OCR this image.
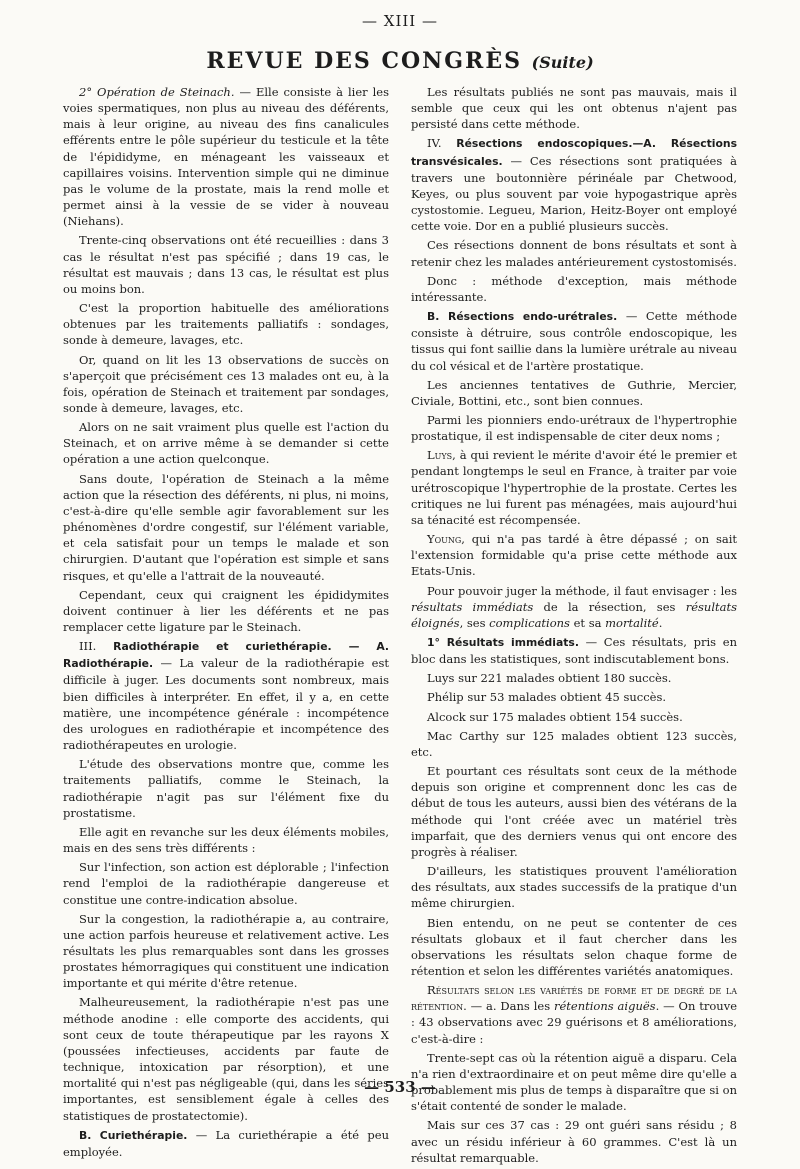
— XIII —
REVUE DES CONGRÈS (Suite)

2° Opération de Steinach. — Elle consiste à lier les voies spermatiques, non plus au niveau des déférents, mais à leur origine, au niveau des fins canalicules efférents entre le pôle supérieur du testicule et la tête de l'épididyme, en ménageant les vaisseaux et capillaires voisins. Intervention simple qui ne diminue pas le volume de la prostate, mais la rend molle et permet ainsi à la vessie de se vider à nouveau (Niehans).

Trente-cinq observations ont été recueillies : dans 3 cas le résultat n'est pas spécifié ; dans 19 cas, le résultat est mauvais ; dans 13 cas, le résultat est plus ou moins bon.

C'est la proportion habituelle des améliorations obtenues par les traitements palliatifs : sondages, sonde à demeure, lavages, etc.

Or, quand on lit les 13 observations de succès on s'aperçoit que précisément ces 13 malades ont eu, à la fois, opération de Steinach et traitement par sondages, sonde à demeure, lavages, etc.

Alors on ne sait vraiment plus quelle est l'action du Steinach, et on arrive même à se demander si cette opération a une action quelconque.

Sans doute, l'opération de Steinach a la même action que la résection des déférents, ni plus, ni moins, c'est-à-dire qu'elle semble agir favorablement sur les phénomènes d'ordre congestif, sur l'élément variable, et cela satisfait pour un temps le malade et son chirurgien. D'autant que l'opération est simple et sans risques, et qu'elle a l'attrait de la nouveauté.

Cependant, ceux qui craignent les épididymites doivent continuer à lier les déférents et ne pas remplacer cette ligature par le Steinach.

III. Radiothérapie et curiethérapie. — A. Radiothérapie. — La valeur de la radiothérapie est difficile à juger. Les documents sont nombreux, mais bien difficiles à interpréter. En effet, il y a, en cette matière, une incompétence générale : incompétence des urologues en radiothérapie et incompétence des radiothérapeutes en urologie.

L'étude des observations montre que, comme les traitements palliatifs, comme le Steinach, la radiothérapie n'agit pas sur l'élément fixe du prostatisme.

Elle agit en revanche sur les deux éléments mobiles, mais en des sens très différents :

Sur l'infection, son action est déplorable ; l'infection rend l'emploi de la radiothérapie dangereuse et constitue une contre-indication absolue.

Sur la congestion, la radiothérapie a, au contraire, une action parfois heureuse et relativement active. Les résultats les plus remarquables sont dans les grosses prostates hémorragiques qui constituent une indication importante et qui mérite d'être retenue.

Malheureusement, la radiothérapie n'est pas une méthode anodine : elle comporte des accidents, qui sont ceux de toute thérapeutique par les rayons X (poussées infectieuses, accidents par faute de technique, intoxication par résorption), et une mortalité qui n'est pas négligeable (qui, dans les séries importantes, est sensiblement égale à celles des statistiques de prostatectomie).

B. Curiethérapie. — La curiethérapie a été peu employée.

Les résultats publiés ne sont pas mauvais, mais il semble que ceux qui les ont obtenus n'ajent pas persisté dans cette méthode.

IV. Résections endoscopiques.—A. Résections transvésicales. — Ces résections sont pratiquées à travers une boutonnière périnéale par Chetwood, Keyes, ou plus souvent par voie hypogastrique après cystostomie. Legueu, Marion, Heitz-Boyer ont employé cette voie. Dor en a publié plusieurs succès.

Ces résections donnent de bons résultats et sont à retenir chez les malades antérieurement cystostomisés.

Donc : méthode d'exception, mais méthode intéressante.

B. Résections endo-urétrales. — Cette méthode consiste à détruire, sous contrôle endoscopique, les tissus qui font saillie dans la lumière urétrale au niveau du col vésical et de l'artère prostatique.

Les anciennes tentatives de Guthrie, Mercier, Civiale, Bottini, etc., sont bien connues.

Parmi les pionniers endo-urétraux de l'hypertrophie prostatique, il est indispensable de citer deux noms ;

Luys, à qui revient le mérite d'avoir été le premier et pendant longtemps le seul en France, à traiter par voie urétroscopique l'hypertrophie de la prostate. Certes les critiques ne lui furent pas ménagées, mais aujourd'hui sa ténacité est récompensée.

Young, qui n'a pas tardé à être dépassé ; on sait l'extension formidable qu'a prise cette méthode aux Etats-Unis.

Pour pouvoir juger la méthode, il faut envisager : les résultats immédiats de la résection, ses résultats éloignés, ses complications et sa mortalité.

1° Résultats immédiats. — Ces résultats, pris en bloc dans les statistiques, sont indiscutablement bons.

Luys sur 221 malades obtient 180 succès.

Phélip sur 53 malades obtient 45 succès.

Alcock sur 175 malades obtient 154 succès.

Mac Carthy sur 125 malades obtient 123 succès, etc.

Et pourtant ces résultats sont ceux de la méthode depuis son origine et comprennent donc les cas de début de tous les auteurs, aussi bien des vétérans de la méthode qui l'ont créée avec un matériel très imparfait, que des derniers venus qui ont encore des progrès à réaliser.

D'ailleurs, les statistiques prouvent l'amélioration des résultats, aux stades successifs de la pratique d'un même chirurgien.

Bien entendu, on ne peut se contenter de ces résultats globaux et il faut chercher dans les observations les résultats selon chaque forme de rétention et selon les différentes variétés anatomiques.

Résultats selon les variétés de forme et de degré de la rétention. — a. Dans les rétentions aiguës. — On trouve : 43 observations avec 29 guérisons et 8 améliorations, c'est-à-dire :

Trente-sept cas où la rétention aiguë a disparu. Cela n'a rien d'extraordinaire et on peut même dire qu'elle a probablement mis plus de temps à disparaître que si on s'était contenté de sonder le malade.

Mais sur ces 37 cas : 29 ont guéri sans résidu ; 8 avec un résidu inférieur à 60 grammes. C'est là un résultat remarquable.

— 533 —
